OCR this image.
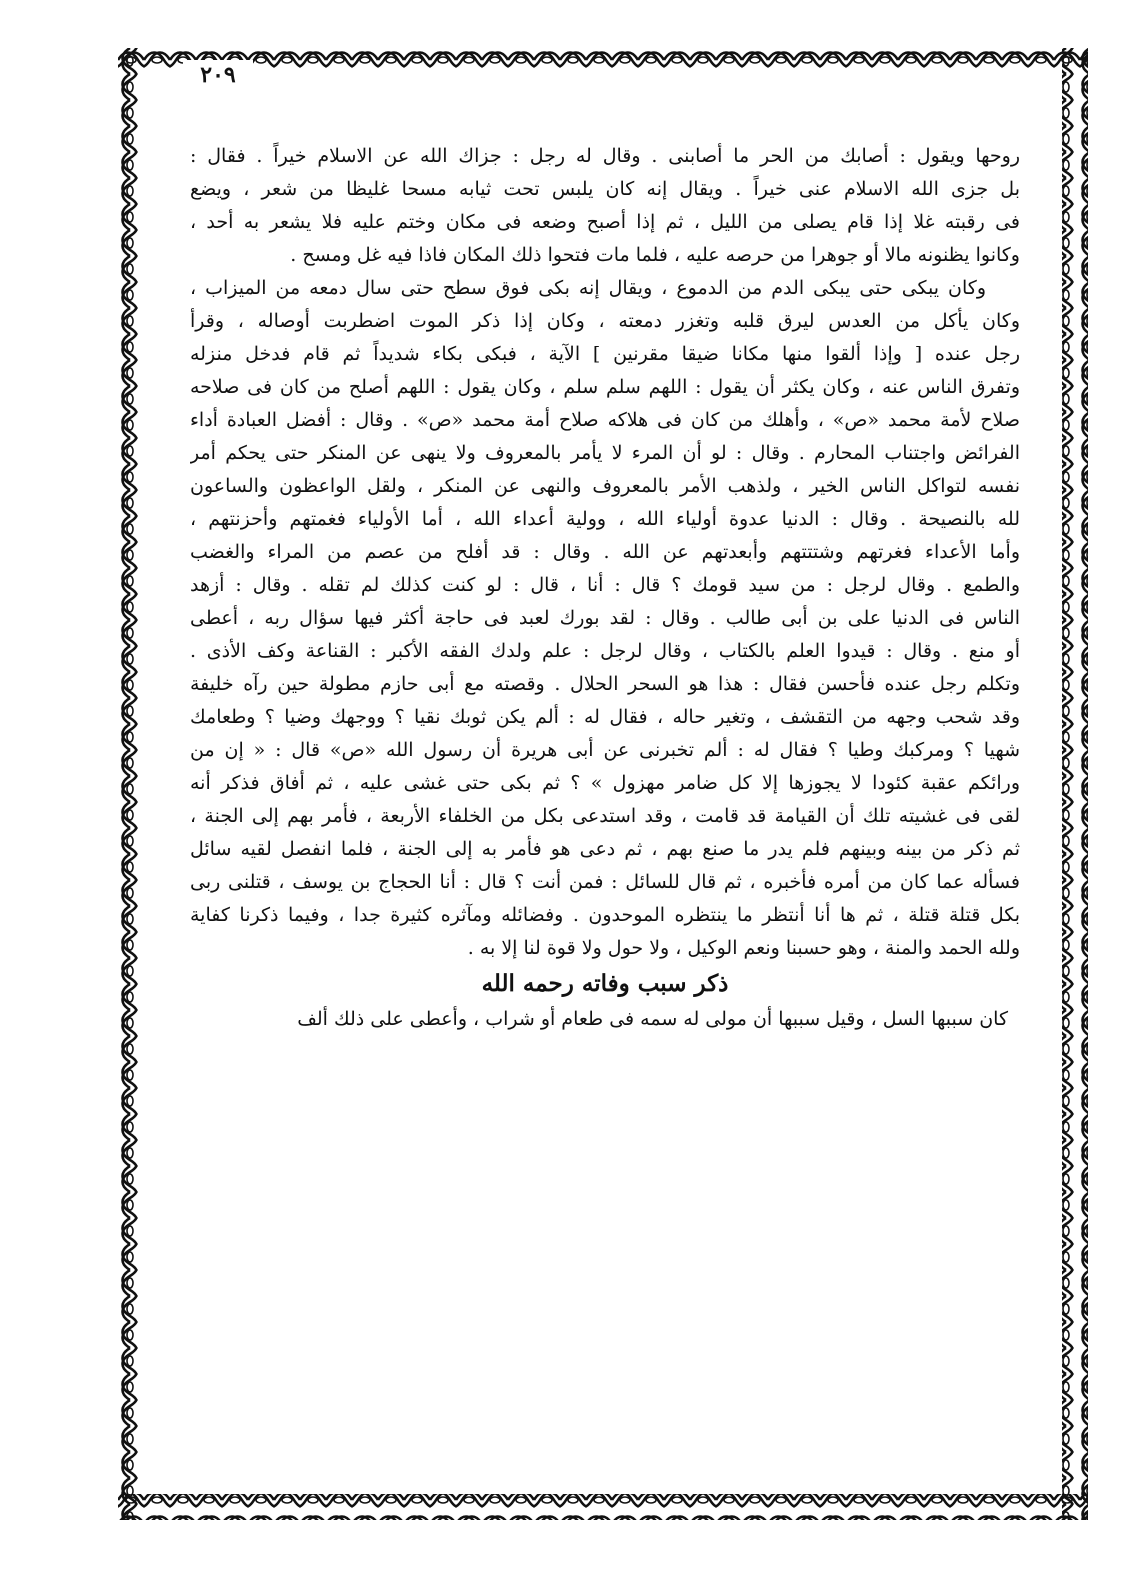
٢٠٩
روحها ويقول : أصابك من الحر ما أصابنى . وقال له رجل : جزاك الله عن الاسلام خيراً . فقال :
بل جزى الله الاسلام عنى خيراً . ويقال إنه كان يلبس تحت ثيابه مسحا غليظا من شعر ، ويضع
فى رقبته غلا إذا قام يصلى من الليل ، ثم إذا أصبح وضعه فى مكان وختم عليه فلا يشعر به أحد ،
وكانوا يظنونه مالا أو جوهرا من حرصه عليه ، فلما مات فتحوا ذلك المكان فاذا فيه غل ومسح .
وكان يبكى حتى يبكى الدم من الدموع ، ويقال إنه بكى فوق سطح حتى سال دمعه من الميزاب ،
وكان يأكل من العدس ليرق قلبه وتغزر دمعته ، وكان إذا ذكر الموت اضطربت أوصاله ، وقرأ
رجل عنده [ وإذا ألقوا منها مكانا ضيقا مقرنين ] الآية ، فبكى بكاء شديداً ثم قام فدخل منزله
وتفرق الناس عنه ، وكان يكثر أن يقول : اللهم سلم سلم ، وكان يقول : اللهم أصلح من كان فى صلاحه
صلاح لأمة محمد «ص» ، وأهلك من كان فى هلاكه صلاح أمة محمد «ص» . وقال : أفضل العبادة أداء
الفرائض واجتناب المحارم . وقال : لو أن المرء لا يأمر بالمعروف ولا ينهى عن المنكر حتى يحكم أمر
نفسه لتواكل الناس الخير ، ولذهب الأمر بالمعروف والنهى عن المنكر ، ولقل الواعظون والساعون
لله بالنصيحة . وقال : الدنيا عدوة أولياء الله ، وولية أعداء الله ، أما الأولياء فغمتهم وأحزنتهم ،
وأما الأعداء فغرتهم وشتتتهم وأبعدتهم عن الله . وقال : قد أفلح من عصم من المراء والغضب
والطمع . وقال لرجل : من سيد قومك ؟ قال : أنا ، قال : لو كنت كذلك لم تقله . وقال : أزهد
الناس فى الدنيا على بن أبى طالب . وقال : لقد بورك لعبد فى حاجة أكثر فيها سؤال ربه ، أعطى
أو منع . وقال : قيدوا العلم بالكتاب ، وقال لرجل : علم ولدك الفقه الأكبر : القناعة وكف الأذى .
وتكلم رجل عنده فأحسن فقال : هذا هو السحر الحلال . وقصته مع أبى حازم مطولة حين رآه خليفة
وقد شحب وجهه من التقشف ، وتغير حاله ، فقال له : ألم يكن ثوبك نقيا ؟ ووجهك وضيا ؟ وطعامك
شهيا ؟ ومركبك وطيا ؟ فقال له : ألم تخبرنى عن أبى هريرة أن رسول الله «ص» قال : « إن من
ورائكم عقبة كئودا لا يجوزها إلا كل ضامر مهزول » ؟ ثم بكى حتى غشى عليه ، ثم أفاق فذكر أنه
لقى فى غشيته تلك أن القيامة قد قامت ، وقد استدعى بكل من الخلفاء الأربعة ، فأمر بهم إلى الجنة ،
ثم ذكر من بينه وبينهم فلم يدر ما صنع بهم ، ثم دعى هو فأمر به إلى الجنة ، فلما انفصل لقيه سائل
فسأله عما كان من أمره فأخبره ، ثم قال للسائل : فمن أنت ؟ قال : أنا الحجاج بن يوسف ، قتلنى ربى
بكل قتلة قتلة ، ثم ها أنا أنتظر ما ينتظره الموحدون . وفضائله ومآثره كثيرة جدا ، وفيما ذكرنا كفاية
ولله الحمد والمنة ، وهو حسبنا ونعم الوكيل ، ولا حول ولا قوة لنا إلا به .
ذكر سبب وفاته رحمه الله
كان سببها السل ، وقيل سببها أن مولى له سمه فى طعام أو شراب ، وأعطى على ذلك ألف
